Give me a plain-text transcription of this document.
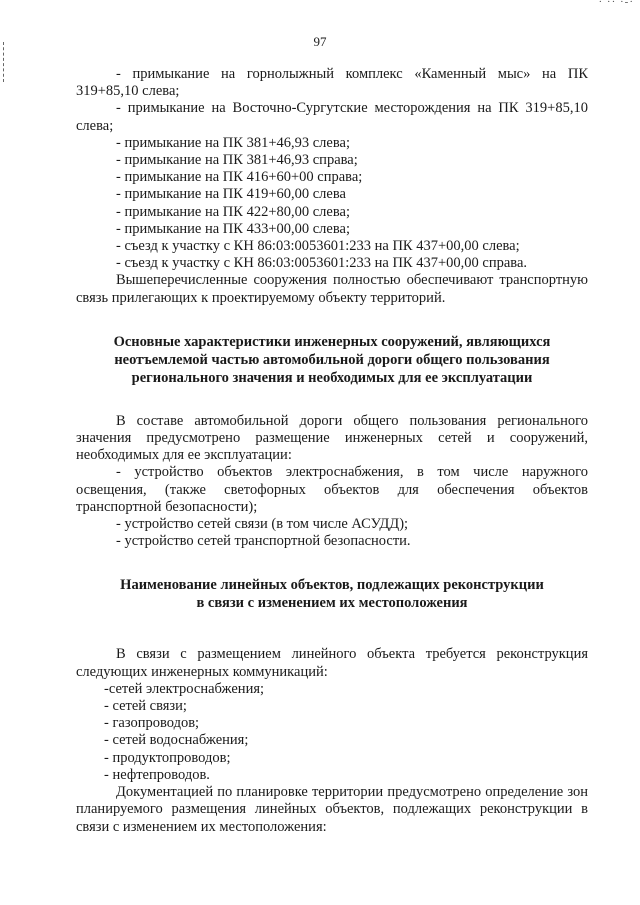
· ·· ·-·
97

- примыкание на горнолыжный комплекс «Каменный мыс» на ПК 319+85,10 слева;

- примыкание на Восточно-Сургутские месторождения на ПК 319+85,10 слева;

- примыкание на ПК 381+46,93 слева;

- примыкание на ПК 381+46,93 справа;

- примыкание на ПК 416+60+00 справа;

- примыкание на ПК 419+60,00 слева

- примыкание на ПК 422+80,00 слева;

- примыкание на ПК 433+00,00 слева;

- съезд к участку с КН 86:03:0053601:233 на ПК 437+00,00 слева;

- съезд к участку с КН 86:03:0053601:233 на ПК 437+00,00 справа.

Вышеперечисленные сооружения полностью обеспечивают транспортную связь прилегающих к проектируемому объекту территорий.

Основные характеристики инженерных сооружений, являющихся

неотъемлемой частью автомобильной дороги общего пользования

регионального значения и необходимых для ее эксплуатации

В составе автомобильной дороги общего пользования регионального значения предусмотрено размещение инженерных сетей и сооружений, необходимых для ее эксплуатации:

- устройство объектов электроснабжения, в том числе наружного освещения, (также светофорных объектов для обеспечения объектов транспортной безопасности);

- устройство сетей связи (в том числе АСУДД);

- устройство сетей транспортной безопасности.

Наименование линейных объектов, подлежащих реконструкции

в связи с изменением их местоположения

В связи с размещением линейного объекта требуется реконструкция следующих инженерных коммуникаций:

-сетей электроснабжения;

- сетей связи;

- газопроводов;

- сетей водоснабжения;

- продуктопроводов;

- нефтепроводов.

Документацией по планировке территории предусмотрено определение зон планируемого размещения линейных объектов, подлежащих реконструкции в связи с изменением их местоположения:
